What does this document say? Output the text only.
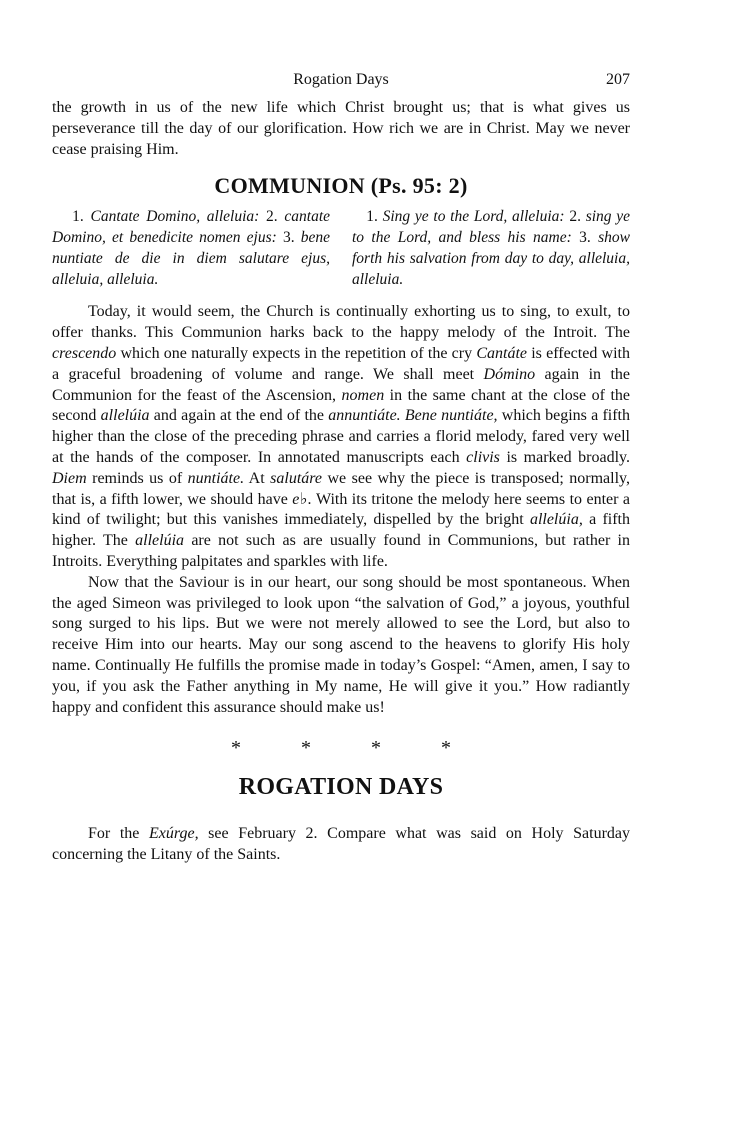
Rogation Days	207

the growth in us of the new life which Christ brought us; that is what gives us perseverance till the day of our glorification. How rich we are in Christ. May we never cease praising Him.

COMMUNION (Ps. 95: 2)
1. Cantate Domino, alleluia: 2. cantate Domino, et benedicite nomen ejus: 3. bene nuntiate de die in diem salutare ejus, alleluia, alleluia.
1. Sing ye to the Lord, alleluia: 2. sing ye to the Lord, and bless his name: 3. show forth his salvation from day to day, alleluia, alleluia.

Today, it would seem, the Church is continually exhorting us to sing, to exult, to offer thanks. This Communion harks back to the happy melody of the Introit. The crescendo which one naturally expects in the repetition of the cry Cantáte is effected with a graceful broadening of volume and range. We shall meet Dómino again in the Communion for the feast of the Ascension, nomen in the same chant at the close of the second allelúia and again at the end of the annuntiáte. Bene nuntiáte, which begins a fifth higher than the close of the preceding phrase and carries a florid melody, fared very well at the hands of the composer. In annotated manuscripts each clivis is marked broadly. Diem reminds us of nuntiáte. At salutáre we see why the piece is transposed; normally, that is, a fifth lower, we should have e♭. With its tritone the melody here seems to enter a kind of twilight; but this vanishes immediately, dispelled by the bright allelúia, a fifth higher. The allelúia are not such as are usually found in Communions, but rather in Introits. Everything palpitates and sparkles with life.

Now that the Saviour is in our heart, our song should be most spontaneous. When the aged Simeon was privileged to look upon “the salvation of God,” a joyous, youthful song surged to his lips. But we were not merely allowed to see the Lord, but also to receive Him into our hearts. May our song ascend to the heavens to glorify His holy name. Continually He fulfills the promise made in today’s Gospel: “Amen, amen, I say to you, if you ask the Father anything in My name, He will give it you.” How radiantly happy and confident this assurance should make us!

*	*	*	*
ROGATION DAYS

For the Exúrge, see February 2. Compare what was said on Holy Saturday concerning the Litany of the Saints.
